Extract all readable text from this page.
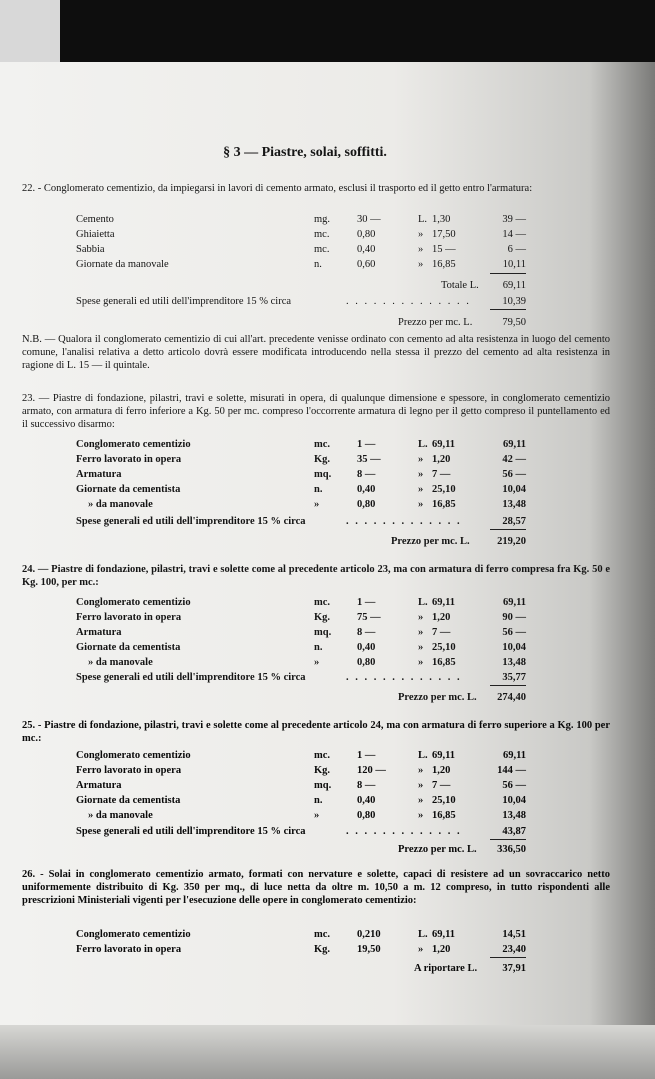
§ 3 — Piastre, solai, soffitti.
22. - Conglomerato cementizio, da impiegarsi in lavori di cemento armato, esclusi il trasporto ed il getto entro l'armatura:
Cemento	mg.	30 —	L. 1,30	39 —
Ghiaietta	mc.	0,80	» 17,50	14 —
Sabbia	mc.	0,40	» 15 —	6 —
Giornate da manovale	n.	0,60	» 16,85	10,11
Totale L. 69,11
Spese generali ed utili dell'imprenditore 15 % circa	. . . . . . . . . . . . . .	10,39
Prezzo per mc. L.	79,50
N.B. — Qualora il conglomerato cementizio di cui all'art. precedente venisse ordinato con cemento ad alta resistenza in luogo del cemento comune, l'analisi relativa a detto articolo dovrà essere modificata introducendo nella stessa il prezzo del cemento ad alta resistenza in ragione di L. 15 — il quintale.
23. — Piastre di fondazione, pilastri, travi e solette, misurati in opera, di qualunque dimensione e spessore, in conglomerato cementizio armato, con armatura di ferro inferiore a Kg. 50 per mc. compreso l'occorrente armatura di legno per il getto compreso il puntellamento ed il successivo disarmo:
Conglomerato cementizio	mc.	1 —	L. 69,11	69,11
Ferro lavorato in opera	Kg.	35 —	» 1,20	42 —
Armatura	mq. 8 —	» 7 —	56 —
Giornate da cementista	n.	0,40	» 25,10	10,04
» da manovale	»	0,80	» 16,85	13,48
Spese generali ed utili dell'imprenditore 15 % circa	. . . . . . . . . . . . .	28,57
Prezzo per mc. L.	219,20
24. — Piastre di fondazione, pilastri, travi e solette come al precedente articolo 23, ma con armatura di ferro compresa fra Kg. 50 e Kg. 100, per mc.:
Conglomerato cementizio	mc.	1 —	L. 69,11	69,11
Ferro lavorato in opera	Kg.	75 —	» 1,20	90 —
Armatura	mq. 8 —	» 7 —	56 —
Giornate da cementista	n.	0,40	» 25,10	10,04
» da manovale	»	0,80	» 16,85	13,48
Spese generali ed utili dell'imprenditore 15 % circa	. . . . . . . . . . . . .	35,77
Prezzo per mc. L. 274,40
25. - Piastre di fondazione, pilastri, travi e solette come al precedente articolo 24, ma con armatura di ferro superiore a Kg. 100 per mc.:
Conglomerato cementizio	mc.	1 —	L. 69,11	69,11
Ferro lavorato in opera	Kg.	120 —	» 1,20	144 —
Armatura	mq. 8 —	» 7 —	56 —
Giornate da cementista	n.	0,40	» 25,10	10,04
» da manovale	»	0,80	» 16,85	13,48
Spese generali ed utili dell'imprenditore 15 % circa	. . . . . . . . . . . . .	43,87
Prezzo per mc. L. 336,50
26. - Solai in conglomerato cementizio armato, formati con nervature e solette, capaci di resistere ad un sovraccarico netto uniformemente distribuito di Kg. 350 per mq., di luce netta da oltre m. 10,50 a m. 12 compreso, in tutto rispondenti alle prescrizioni Ministeriali vigenti per l'esecuzione delle opere in conglomerato cementizio:
Conglomerato cementizio	mc.	0,210	L. 69,11	14,51
Ferro lavorato in opera	Kg.	19,50	» 1,20	23,40
A riportare L. 37,91
